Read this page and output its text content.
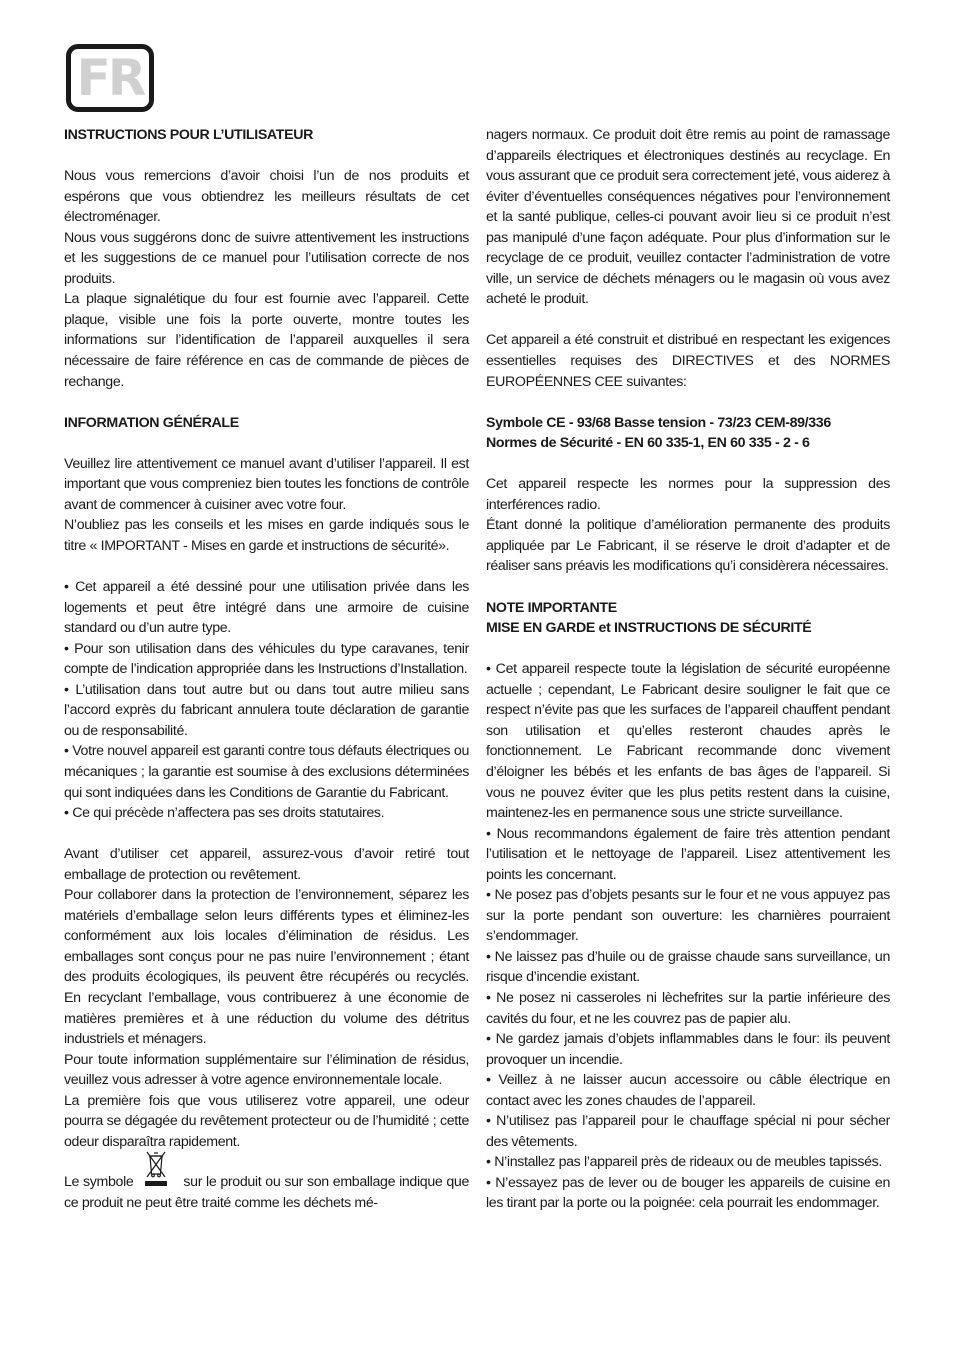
FR

INSTRUCTIONS POUR L’UTILISATEUR

Nous vous remercions d’avoir choisi l’un de nos produits et espérons que vous obtiendrez les meilleurs résultats de cet électroménager.

Nous vous suggérons donc de suivre attentivement les instructions et les suggestions de ce manuel pour l’utilisation correcte de nos produits.

La plaque signalétique du four est fournie avec l’appareil. Cette plaque, visible une fois la porte ouverte, montre toutes les informations sur l’identification de l’appareil auxquelles il sera nécessaire de faire référence en cas de commande de pièces de rechange.

INFORMATION GÉNÉRALE

Veuillez lire attentivement ce manuel avant d’utiliser l’appareil. Il est important que vous compreniez bien toutes les fonctions de contrôle avant de commencer à cuisiner avec votre four.

N’oubliez pas les conseils et les mises en garde indiqués sous le titre « IMPORTANT - Mises en garde et instructions de sécurité».

• Cet appareil a été dessiné pour une utilisation privée dans les logements et peut être intégré dans une armoire de cuisine standard ou d’un autre type.

• Pour son utilisation dans des véhicules du type caravanes, tenir compte de l’indication appropriée dans les Instructions d’Installation.

• L’utilisation dans tout autre but ou dans tout autre milieu sans l’accord exprès du fabricant annulera toute déclaration de garantie ou de responsabilité.

• Votre nouvel appareil est garanti contre tous défauts électriques ou mécaniques ; la garantie est soumise à des exclusions déterminées qui sont indiquées dans les Conditions de Garantie du Fabricant.

• Ce qui précède n’affectera pas ses droits statutaires.

Avant d’utiliser cet appareil, assurez-vous d’avoir retiré tout emballage de protection ou revêtement.

Pour collaborer dans la protection de l’environnement, séparez les matériels d’emballage selon leurs différents types et éliminez-les conformément aux lois locales d’élimination de résidus. Les emballages sont conçus pour ne pas nuire l’environnement ; étant des produits écologiques, ils peuvent être récupérés ou recyclés. En recyclant l’emballage, vous contribuerez à une économie de matières premières et à une réduction du volume des détritus industriels et ménagers.

Pour toute information supplémentaire sur l’élimination de résidus, veuillez vous adresser à votre agence environnementale locale.

La première fois que vous utiliserez votre appareil, une odeur pourra se dégagée du revêtement protecteur ou de l’humidité ; cette odeur disparaîtra rapidement.

Le symbole	sur le produit ou sur son emballage indique que ce produit ne peut être traité comme les déchets mé-

nagers normaux. Ce produit doit être remis au point de ramassage d’appareils électriques et électroniques destinés au recyclage. En vous assurant que ce produit sera correctement jeté, vous aiderez à éviter d’éventuelles conséquences négatives pour l’environnement et la santé publique, celles-ci pouvant avoir lieu si ce produit n’est pas manipulé d’une façon adéquate. Pour plus d’information sur le recyclage de ce produit, veuillez contacter l’administration de votre ville, un service de déchets ménagers ou le magasin où vous avez acheté le produit.

Cet appareil a été construit et distribué en respectant les exigences essentielles requises des DIRECTIVES et des NORMES EUROPÉENNES CEE suivantes:

Symbole CE - 93/68 Basse tension - 73/23 CEM-89/336

Normes de Sécurité - EN 60 335-1, EN 60 335 - 2 - 6

Cet appareil respecte les normes pour la suppression des interférences radio.

Étant donné la politique d’amélioration permanente des produits appliquée par Le Fabricant, il se réserve le droit d’adapter et de réaliser sans préavis les modifications qu’i considèrera nécessaires.

NOTE IMPORTANTE

MISE EN GARDE et INSTRUCTIONS DE SÉCURITÉ

• Cet appareil respecte toute la législation de sécurité européenne actuelle ; cependant, Le Fabricant desire souligner le fait que ce respect n’évite pas que les surfaces de l’appareil chauffent pendant son utilisation et qu’elles resteront chaudes après le fonctionnement. Le Fabricant recommande donc vivement d’éloigner les bébés et les enfants de bas âges de l’appareil. Si vous ne pouvez éviter que les plus petits restent dans la cuisine, maintenez-les en permanence sous une stricte surveillance.

• Nous recommandons également de faire très attention pendant l’utilisation et le nettoyage de l’appareil. Lisez attentivement les points les concernant.

• Ne posez pas d’objets pesants sur le four et ne vous appuyez pas sur la porte pendant son ouverture: les charnières pourraient s’endommager.

• Ne laissez pas d’huile ou de graisse chaude sans surveillance, un risque d’incendie existant.

• Ne posez ni casseroles ni lèchefrites sur la partie inférieure des cavités du four, et ne les couvrez pas de papier alu.

• Ne gardez jamais d’objets inflammables dans le four: ils peuvent provoquer un incendie.

• Veillez à ne laisser aucun accessoire ou câble électrique en contact avec les zones chaudes de l’appareil.

• N’utilisez pas l’appareil pour le chauffage spécial ni pour sécher des vêtements.

• N’installez pas l’appareil près de rideaux ou de meubles tapissés.

• N’essayez pas de lever ou de bouger les appareils de cuisine en les tirant par la porte ou la poignée: cela pourrait les endommager.
